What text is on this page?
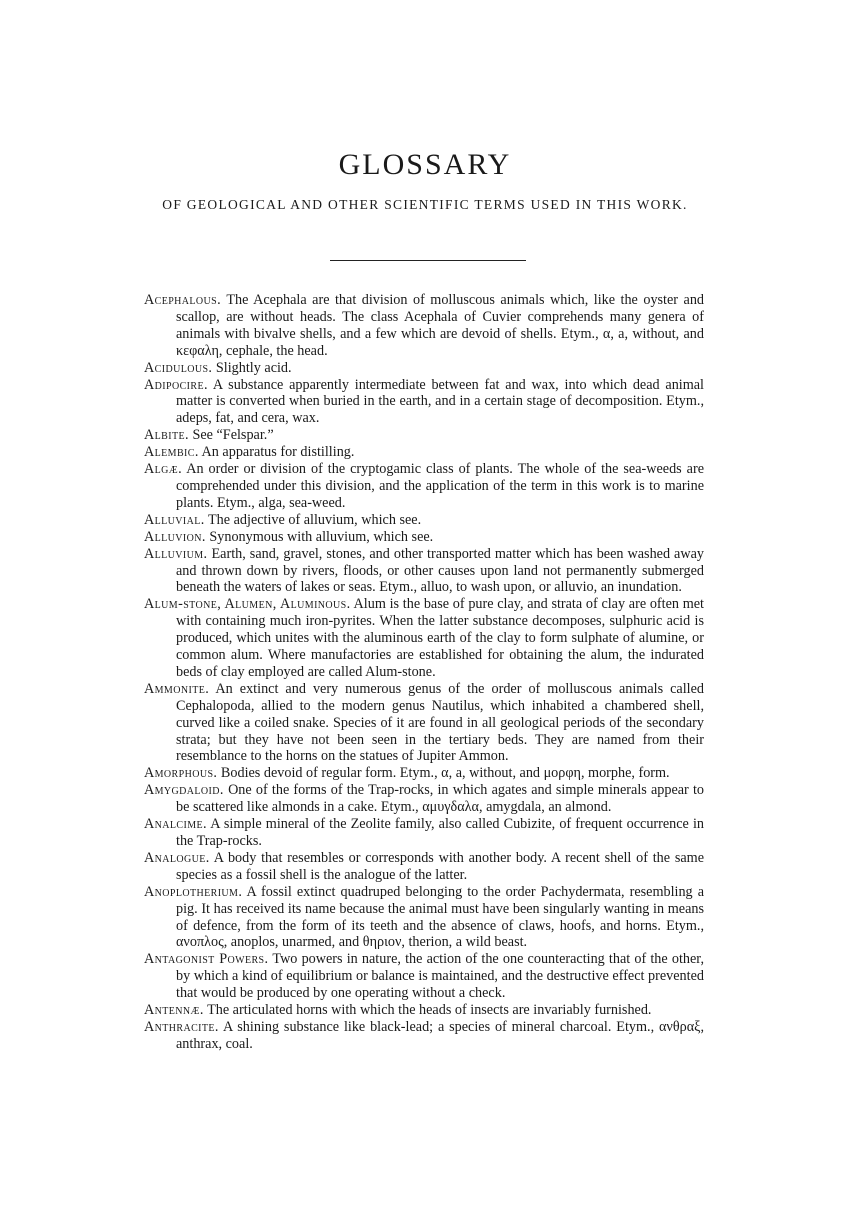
GLOSSARY
OF GEOLOGICAL AND OTHER SCIENTIFIC TERMS USED IN THIS WORK.

Acephalous. The Acephala are that division of molluscous animals which, like the oyster and scallop, are without heads. The class Acephala of Cuvier comprehends many genera of animals with bivalve shells, and a few which are devoid of shells. Etym., α, a, without, and κεφαλη, cephale, the head.

Acidulous. Slightly acid.

Adipocire. A substance apparently intermediate between fat and wax, into which dead animal matter is converted when buried in the earth, and in a certain stage of decomposition. Etym., adeps, fat, and cera, wax.

Albite. See “Felspar.”

Alembic. An apparatus for distilling.

Algæ. An order or division of the cryptogamic class of plants. The whole of the sea-weeds are comprehended under this division, and the application of the term in this work is to marine plants. Etym., alga, sea-weed.

Alluvial. The adjective of alluvium, which see.

Alluvion. Synonymous with alluvium, which see.

Alluvium. Earth, sand, gravel, stones, and other transported matter which has been washed away and thrown down by rivers, floods, or other causes upon land not permanently submerged beneath the waters of lakes or seas. Etym., alluo, to wash upon, or alluvio, an inundation.

Alum-stone, Alumen, Aluminous. Alum is the base of pure clay, and strata of clay are often met with containing much iron-pyrites. When the latter substance decomposes, sulphuric acid is produced, which unites with the aluminous earth of the clay to form sulphate of alumine, or common alum. Where manufactories are established for obtaining the alum, the indurated beds of clay employed are called Alum-stone.

Ammonite. An extinct and very numerous genus of the order of molluscous animals called Cephalopoda, allied to the modern genus Nautilus, which inhabited a chambered shell, curved like a coiled snake. Species of it are found in all geological periods of the secondary strata; but they have not been seen in the tertiary beds. They are named from their resemblance to the horns on the statues of Jupiter Ammon.

Amorphous. Bodies devoid of regular form. Etym., α, a, without, and μορφη, morphe, form.

Amygdaloid. One of the forms of the Trap-rocks, in which agates and simple minerals appear to be scattered like almonds in a cake. Etym., αμυγδαλα, amygdala, an almond.

Analcime. A simple mineral of the Zeolite family, also called Cubizite, of frequent occurrence in the Trap-rocks.

Analogue. A body that resembles or corresponds with another body. A recent shell of the same species as a fossil shell is the analogue of the latter.

Anoplotherium. A fossil extinct quadruped belonging to the order Pachydermata, resembling a pig. It has received its name because the animal must have been singularly wanting in means of defence, from the form of its teeth and the absence of claws, hoofs, and horns. Etym., ανοπλος, anoplos, unarmed, and θηριον, therion, a wild beast.

Antagonist Powers. Two powers in nature, the action of the one counteracting that of the other, by which a kind of equilibrium or balance is maintained, and the destructive effect prevented that would be produced by one operating without a check.

Antennæ. The articulated horns with which the heads of insects are invariably furnished.

Anthracite. A shining substance like black-lead; a species of mineral charcoal. Etym., ανθραξ, anthrax, coal.
